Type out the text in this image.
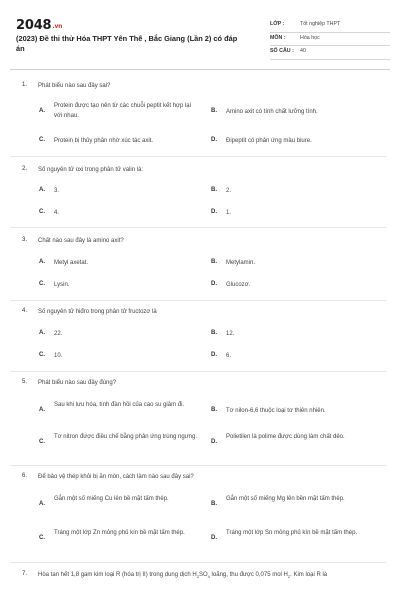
2048.vn
(2023) Đề thi thử Hóa THPT Yên Thế , Bắc Giang (Lần 2) có đáp án
LỚP :	Tốt nghiệp THPT
MÔN :	Hóa học
SỐ CÂU : 40
1. Phát biểu nào sau đây sai?
A.
Protein được tạo nên từ các chuỗi peptit kết hợp lại với nhau.
B. Amino axit có tính chất lưỡng tính.
C. Protein bị thủy phân nhờ xúc tác axit.	D. Đipeptit có phản ứng màu biure.
2. Số nguyên tử oxi trong phân tử valin là:
A. 3.	B. 2.
C. 4.	D. 1.
3. Chất nào sau đây là amino axit?
A. Metyl axetat.	B. Metylamin.
C. Lysin.	D. Glucozơ.
4. Số nguyên tử hiđro trong phân tử fructozơ là
A. 22.	B. 12.
C. 10.	D. 6.
5. Phát biểu nào sau đây đúng?
A.
Sau khi lưu hóa, tính đàn hồi của cao su giảm đi.
B. Tơ nilon-6,6 thuộc loại tơ thiên nhiên.
C.
Tơ nitron được điều chế bằng phản ứng trùng ngưng.
D.
Polietilen là polime được dùng làm chất dẻo.
6. Để bảo vệ thép khỏi bị ăn mòn, cách làm nào sau đây sai?
A.
Gắn một số miếng Cu lên bề mặt tấm thép.
B.
Gắn một số miếng Mg lên bền mặt tấm thép.
C.
Tráng một lớp Zn mỏng phủ kín bề mặt tấm thép.
D.
Tráng một lớp Sn mỏng phủ kín bề mặt tấm thép.
7. Hòa tan hết 1,8 gam kim loại R (hóa trị II) trong dung dịch $H_2SO_4$ loãng, thu được 0,075 mol $H_2$. Kim loại R là
